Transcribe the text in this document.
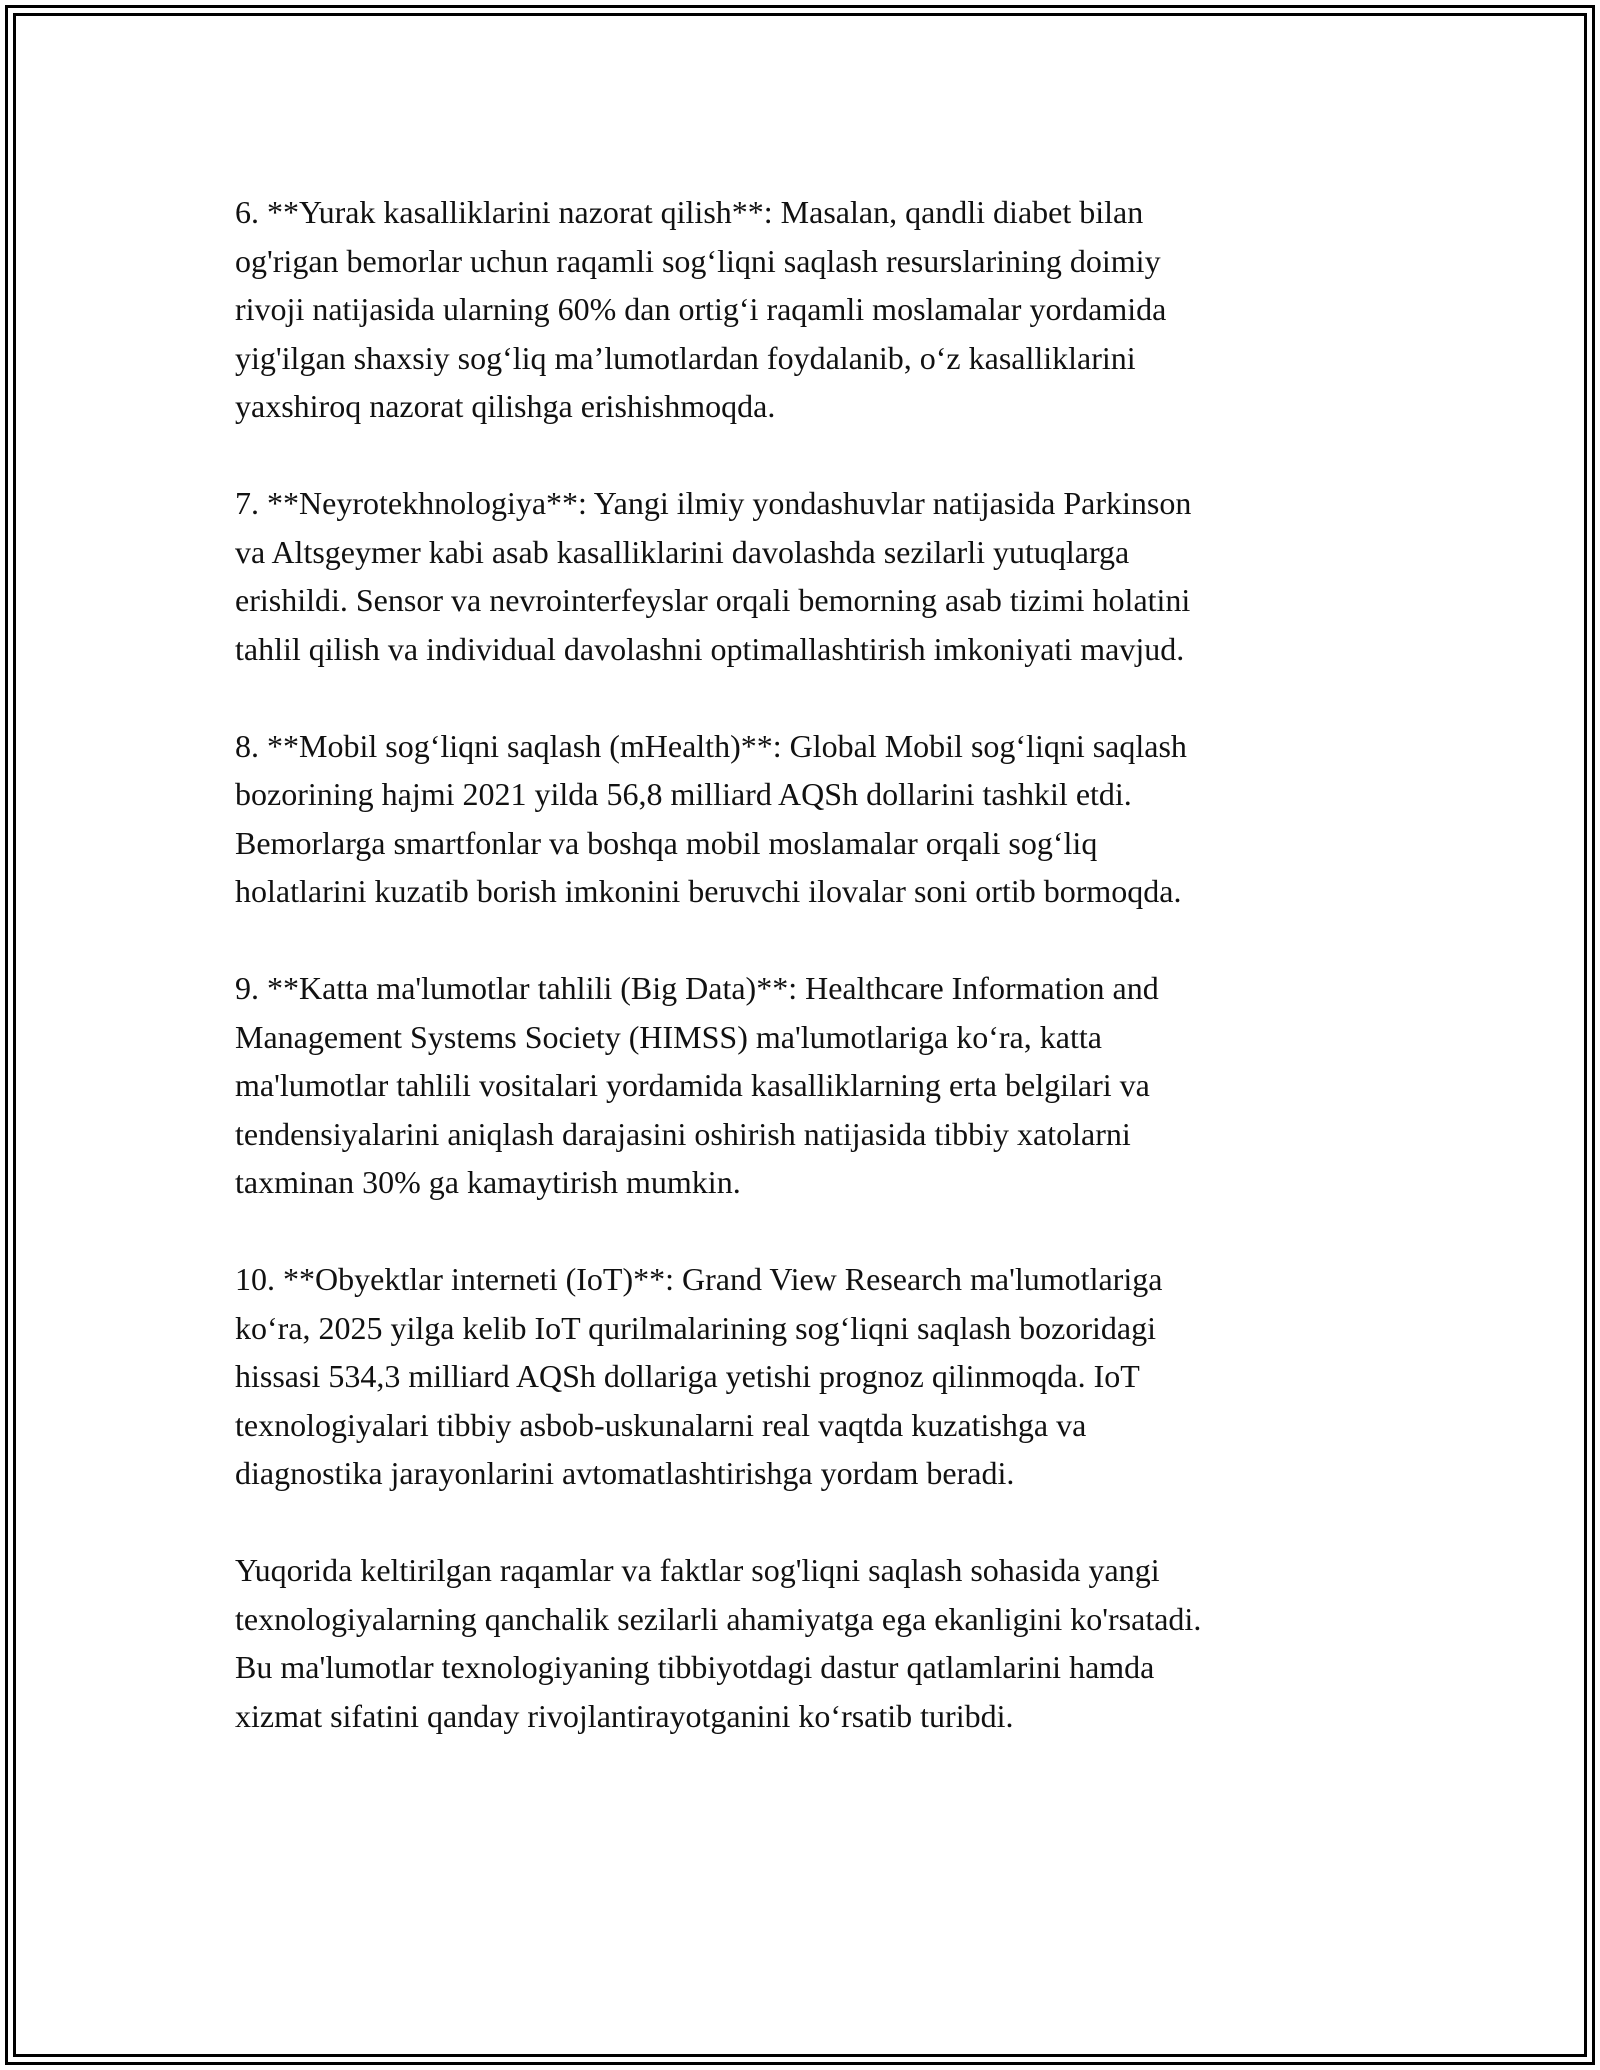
6. **Yurak kasalliklarini nazorat qilish**: Masalan, qandli diabet bilan
og'rigan bemorlar uchun raqamli sog‘liqni saqlash resurslarining doimiy
rivoji natijasida ularning 60% dan ortig‘i raqamli moslamalar yordamida
yig'ilgan shaxsiy sog‘liq ma’lumotlardan foydalanib, o‘z kasalliklarini
yaxshiroq nazorat qilishga erishishmoqda.

7. **Neyrotekhnologiya**: Yangi ilmiy yondashuvlar natijasida Parkinson
va Altsgeymer kabi asab kasalliklarini davolashda sezilarli yutuqlarga
erishildi. Sensor va nevrointerfeyslar orqali bemorning asab tizimi holatini
tahlil qilish va individual davolashni optimallashtirish imkoniyati mavjud.

8. **Mobil sog‘liqni saqlash (mHealth)**: Global Mobil sog‘liqni saqlash
bozorining hajmi 2021 yilda 56,8 milliard AQSh dollarini tashkil etdi.
Bemorlarga smartfonlar va boshqa mobil moslamalar orqali sog‘liq
holatlarini kuzatib borish imkonini beruvchi ilovalar soni ortib bormoqda.

9. **Katta ma'lumotlar tahlili (Big Data)**: Healthcare Information and
Management Systems Society (HIMSS) ma'lumotlariga ko‘ra, katta
ma'lumotlar tahlili vositalari yordamida kasalliklarning erta belgilari va
tendensiyalarini aniqlash darajasini oshirish natijasida tibbiy xatolarni
taxminan 30% ga kamaytirish mumkin.

10. **Obyektlar interneti (IoT)**: Grand View Research ma'lumotlariga
ko‘ra, 2025 yilga kelib IoT qurilmalarining sog‘liqni saqlash bozoridagi
hissasi 534,3 milliard AQSh dollariga yetishi prognoz qilinmoqda. IoT
texnologiyalari tibbiy asbob-uskunalarni real vaqtda kuzatishga va
diagnostika jarayonlarini avtomatlashtirishga yordam beradi.

Yuqorida keltirilgan raqamlar va faktlar sog'liqni saqlash sohasida yangi
texnologiyalarning qanchalik sezilarli ahamiyatga ega ekanligini ko'rsatadi.
Bu ma'lumotlar texnologiyaning tibbiyotdagi dastur qatlamlarini hamda
xizmat sifatini qanday rivojlantirayotganini ko‘rsatib turibdi.
